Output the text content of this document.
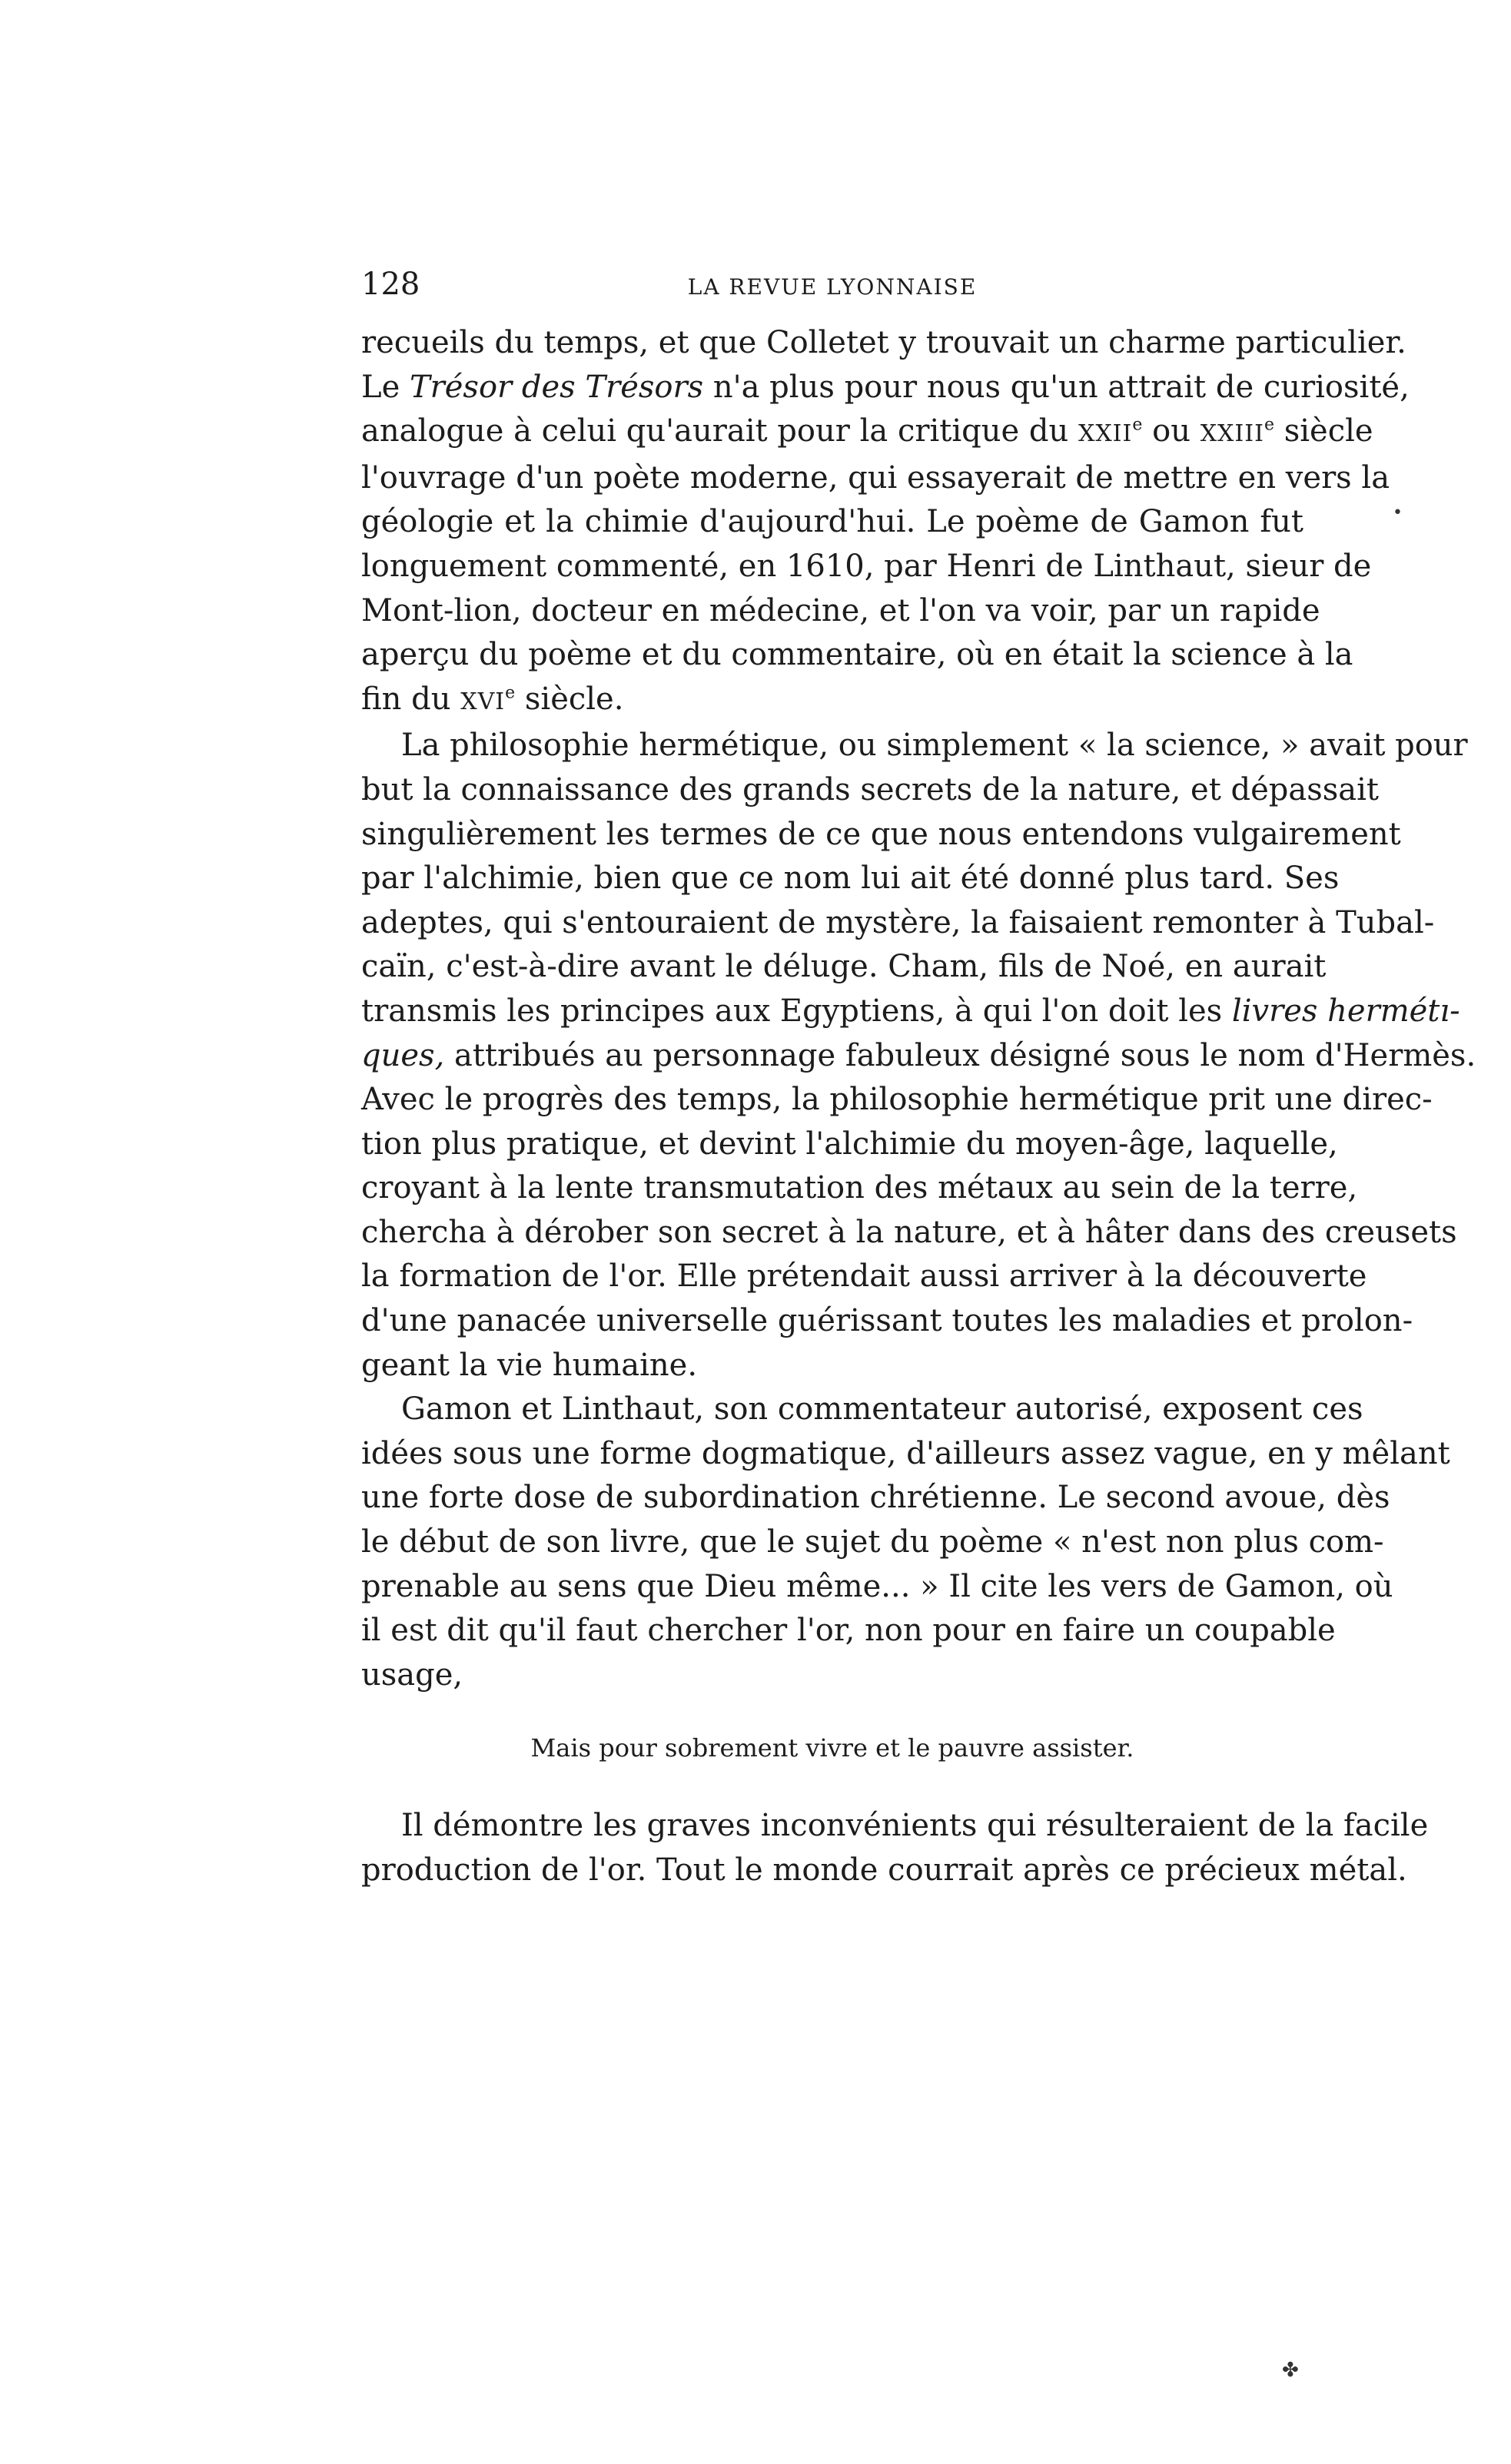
128	LA REVUE LYONNAISE

recueils du temps, et que Colletet y trouvait un charme particulier.
Le Trésor des Trésors n'a plus pour nous qu'un attrait de curiosité,
analogue à celui qu'aurait pour la critique du XXIIe ou XXIIIe siècle
l'ouvrage d'un poète moderne, qui essayerait de mettre en vers la
géologie et la chimie d'aujourd'hui. Le poème de Gamon fut
longuement commenté, en 1610, par Henri de Linthaut, sieur de
Mont-lion, docteur en médecine, et l'on va voir, par un rapide
aperçu du poème et du commentaire, où en était la science à la
fin du XVIe siècle.

La philosophie hermétique, ou simplement « la science, » avait pour
but la connaissance des grands secrets de la nature, et dépassait
singulièrement les termes de ce que nous entendons vulgairement
par l'alchimie, bien que ce nom lui ait été donné plus tard. Ses
adeptes, qui s'entouraient de mystère, la faisaient remonter à Tubal-
caïn, c'est-à-dire avant le déluge. Cham, fils de Noé, en aurait
transmis les principes aux Egyptiens, à qui l'on doit les livres hermétı-
ques, attribués au personnage fabuleux désigné sous le nom d'Hermès.
Avec le progrès des temps, la philosophie hermétique prit une direc-
tion plus pratique, et devint l'alchimie du moyen-âge, laquelle,
croyant à la lente transmutation des métaux au sein de la terre,
chercha à dérober son secret à la nature, et à hâter dans des creusets
la formation de l'or. Elle prétendait aussi arriver à la découverte
d'une panacée universelle guérissant toutes les maladies et prolon-
geant la vie humaine.

Gamon et Linthaut, son commentateur autorisé, exposent ces
idées sous une forme dogmatique, d'ailleurs assez vague, en y mêlant
une forte dose de subordination chrétienne. Le second avoue, dès
le début de son livre, que le sujet du poème « n'est non plus com-
prenable au sens que Dieu même... » Il cite les vers de Gamon, où
il est dit qu'il faut chercher l'or, non pour en faire un coupable
usage,

Mais pour sobrement vivre et le pauvre assister.

Il démontre les graves inconvénients qui résulteraient de la facile
production de l'or. Tout le monde courrait après ce précieux métal.

•
✤
